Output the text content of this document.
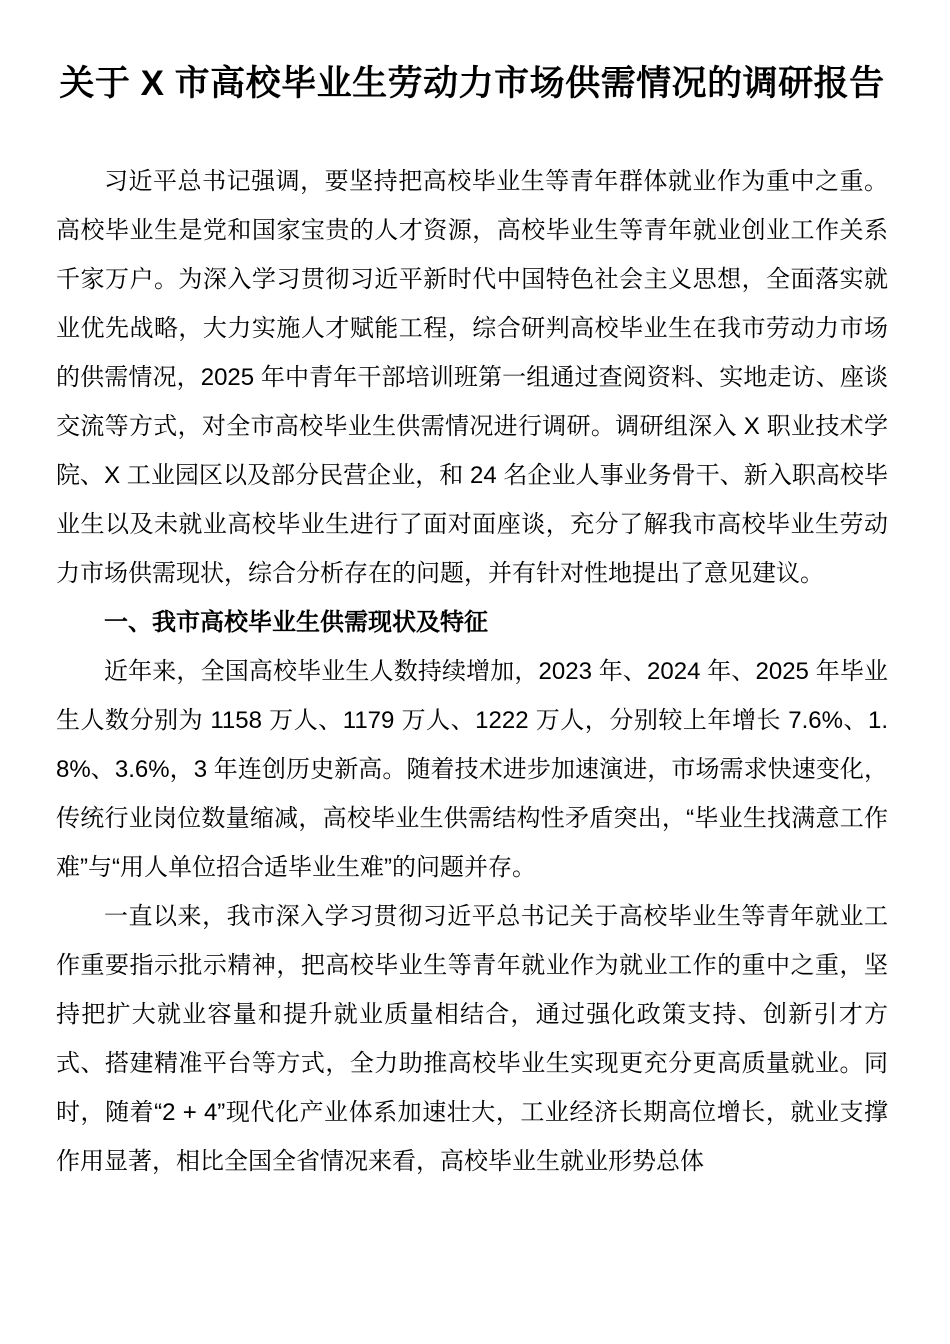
关于 X 市高校毕业生劳动力市场供需情况的调研报告

习近平总书记强调，要坚持把高校毕业生等青年群体就业作为重中之重。高校毕业生是党和国家宝贵的人才资源，高校毕业生等青年就业创业工作关系千家万户。为深入学习贯彻习近平新时代中国特色社会主义思想，全面落实就业优先战略，大力实施人才赋能工程，综合研判高校毕业生在我市劳动力市场的供需情况，2025 年中青年干部培训班第一组通过查阅资料、实地走访、座谈交流等方式，对全市高校毕业生供需情况进行调研。调研组深入 X 职业技术学院、X 工业园区以及部分民营企业，和 24 名企业人事业务骨干、新入职高校毕业生以及未就业高校毕业生进行了面对面座谈，充分了解我市高校毕业生劳动力市场供需现状，综合分析存在的问题，并有针对性地提出了意见建议。

一、我市高校毕业生供需现状及特征

近年来，全国高校毕业生人数持续增加，2023 年、2024 年、2025 年毕业生人数分别为 1158 万人、1179 万人、1222 万人，分别较上年增长 7.6%、1.8%、3.6%，3 年连创历史新高。随着技术进步加速演进，市场需求快速变化，传统行业岗位数量缩减，高校毕业生供需结构性矛盾突出，“毕业生找满意工作难”与“用人单位招合适毕业生难”的问题并存。

一直以来，我市深入学习贯彻习近平总书记关于高校毕业生等青年就业工作重要指示批示精神，把高校毕业生等青年就业作为就业工作的重中之重，坚持把扩大就业容量和提升就业质量相结合，通过强化政策支持、创新引才方式、搭建精准平台等方式，全力助推高校毕业生实现更充分更高质量就业。同时，随着“2 + 4”现代化产业体系加速壮大，工业经济长期高位增长，就业支撑作用显著，相比全国全省情况来看，高校毕业生就业形势总体
